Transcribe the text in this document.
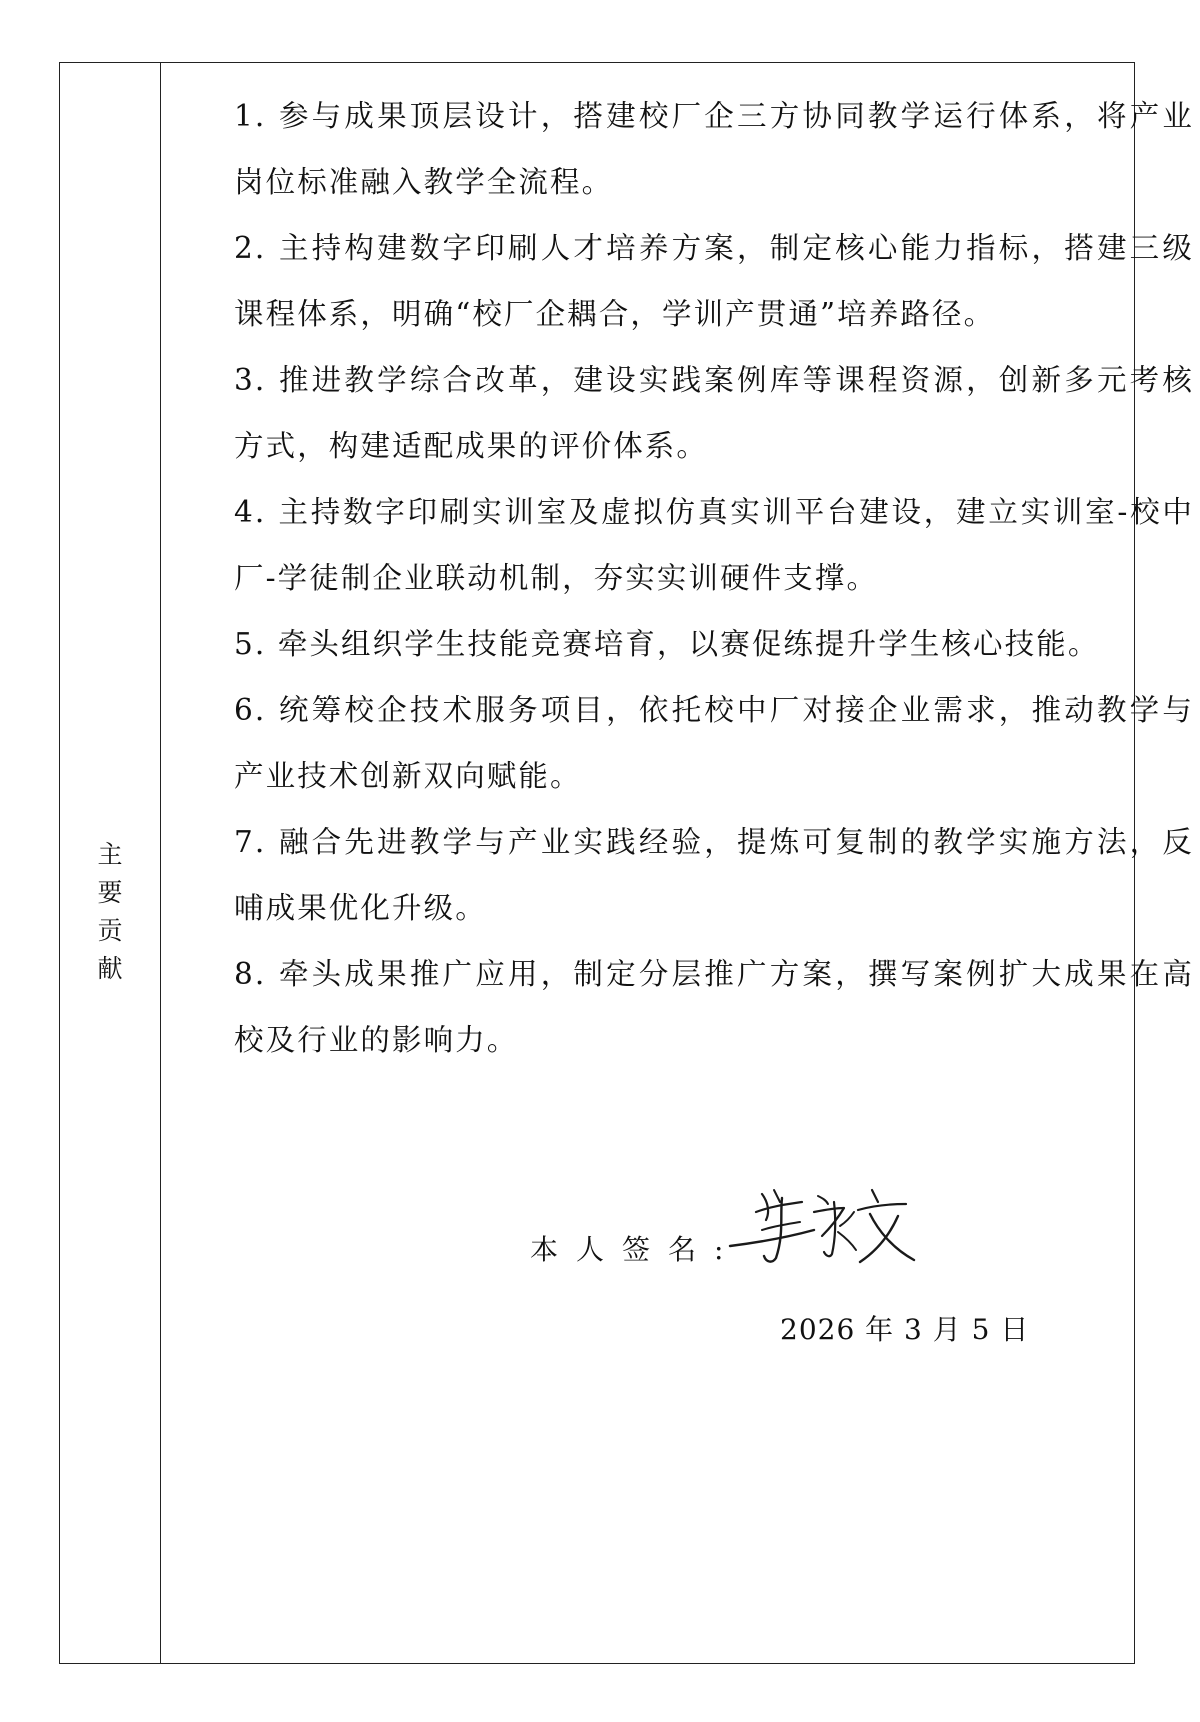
主
要
贡
献
1. 参与成果顶层设计，搭建校厂企三方协同教学运行体系，将产业岗位标准融入教学全流程。
2. 主持构建数字印刷人才培养方案，制定核心能力指标，搭建三级课程体系，明确“校厂企耦合，学训产贯通”培养路径。
3. 推进教学综合改革，建设实践案例库等课程资源，创新多元考核方式，构建适配成果的评价体系。
4. 主持数字印刷实训室及虚拟仿真实训平台建设，建立实训室-校中厂-学徒制企业联动机制，夯实实训硬件支撑。
5. 牵头组织学生技能竞赛培育，以赛促练提升学生核心技能。
6. 统筹校企技术服务项目，依托校中厂对接企业需求，推动教学与产业技术创新双向赋能。
7. 融合先进教学与产业实践经验，提炼可复制的教学实施方法，反哺成果优化升级。
8. 牵头成果推广应用，制定分层推广方案，撰写案例扩大成果在高校及行业的影响力。
本人签名:
2026 年 3 月 5 日
